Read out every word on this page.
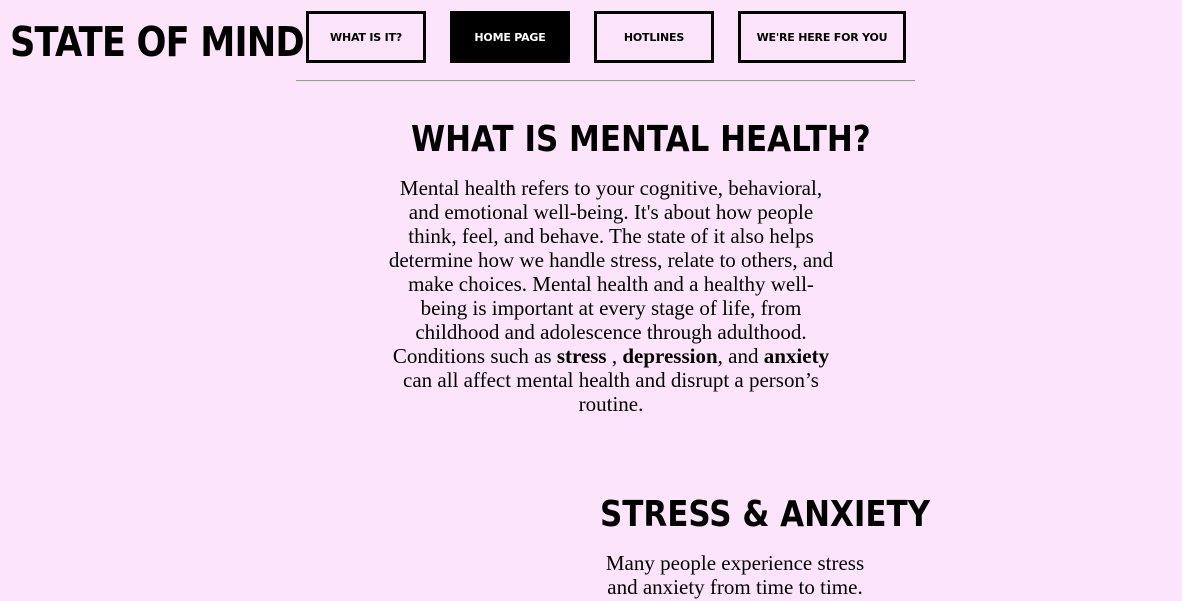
STATE OF MIND	WHAT IS IT?	HOME PAGE	HOTLINES	WE'RE HERE FOR YOU
WHAT IS MENTAL HEALTH?

Mental health refers to your cognitive, behavioral, and emotional well-being. It's about how people think, feel, and behave. The state of it also helps determine how we handle stress, relate to others, and make choices. Mental health and a healthy well-being is important at every stage of life, from childhood and adolescence through adulthood. Conditions such as stress , depression, and anxiety can all affect mental health and disrupt a person’s routine.

STRESS & ANXIETY

Many people experience stress and anxiety from time to time.
